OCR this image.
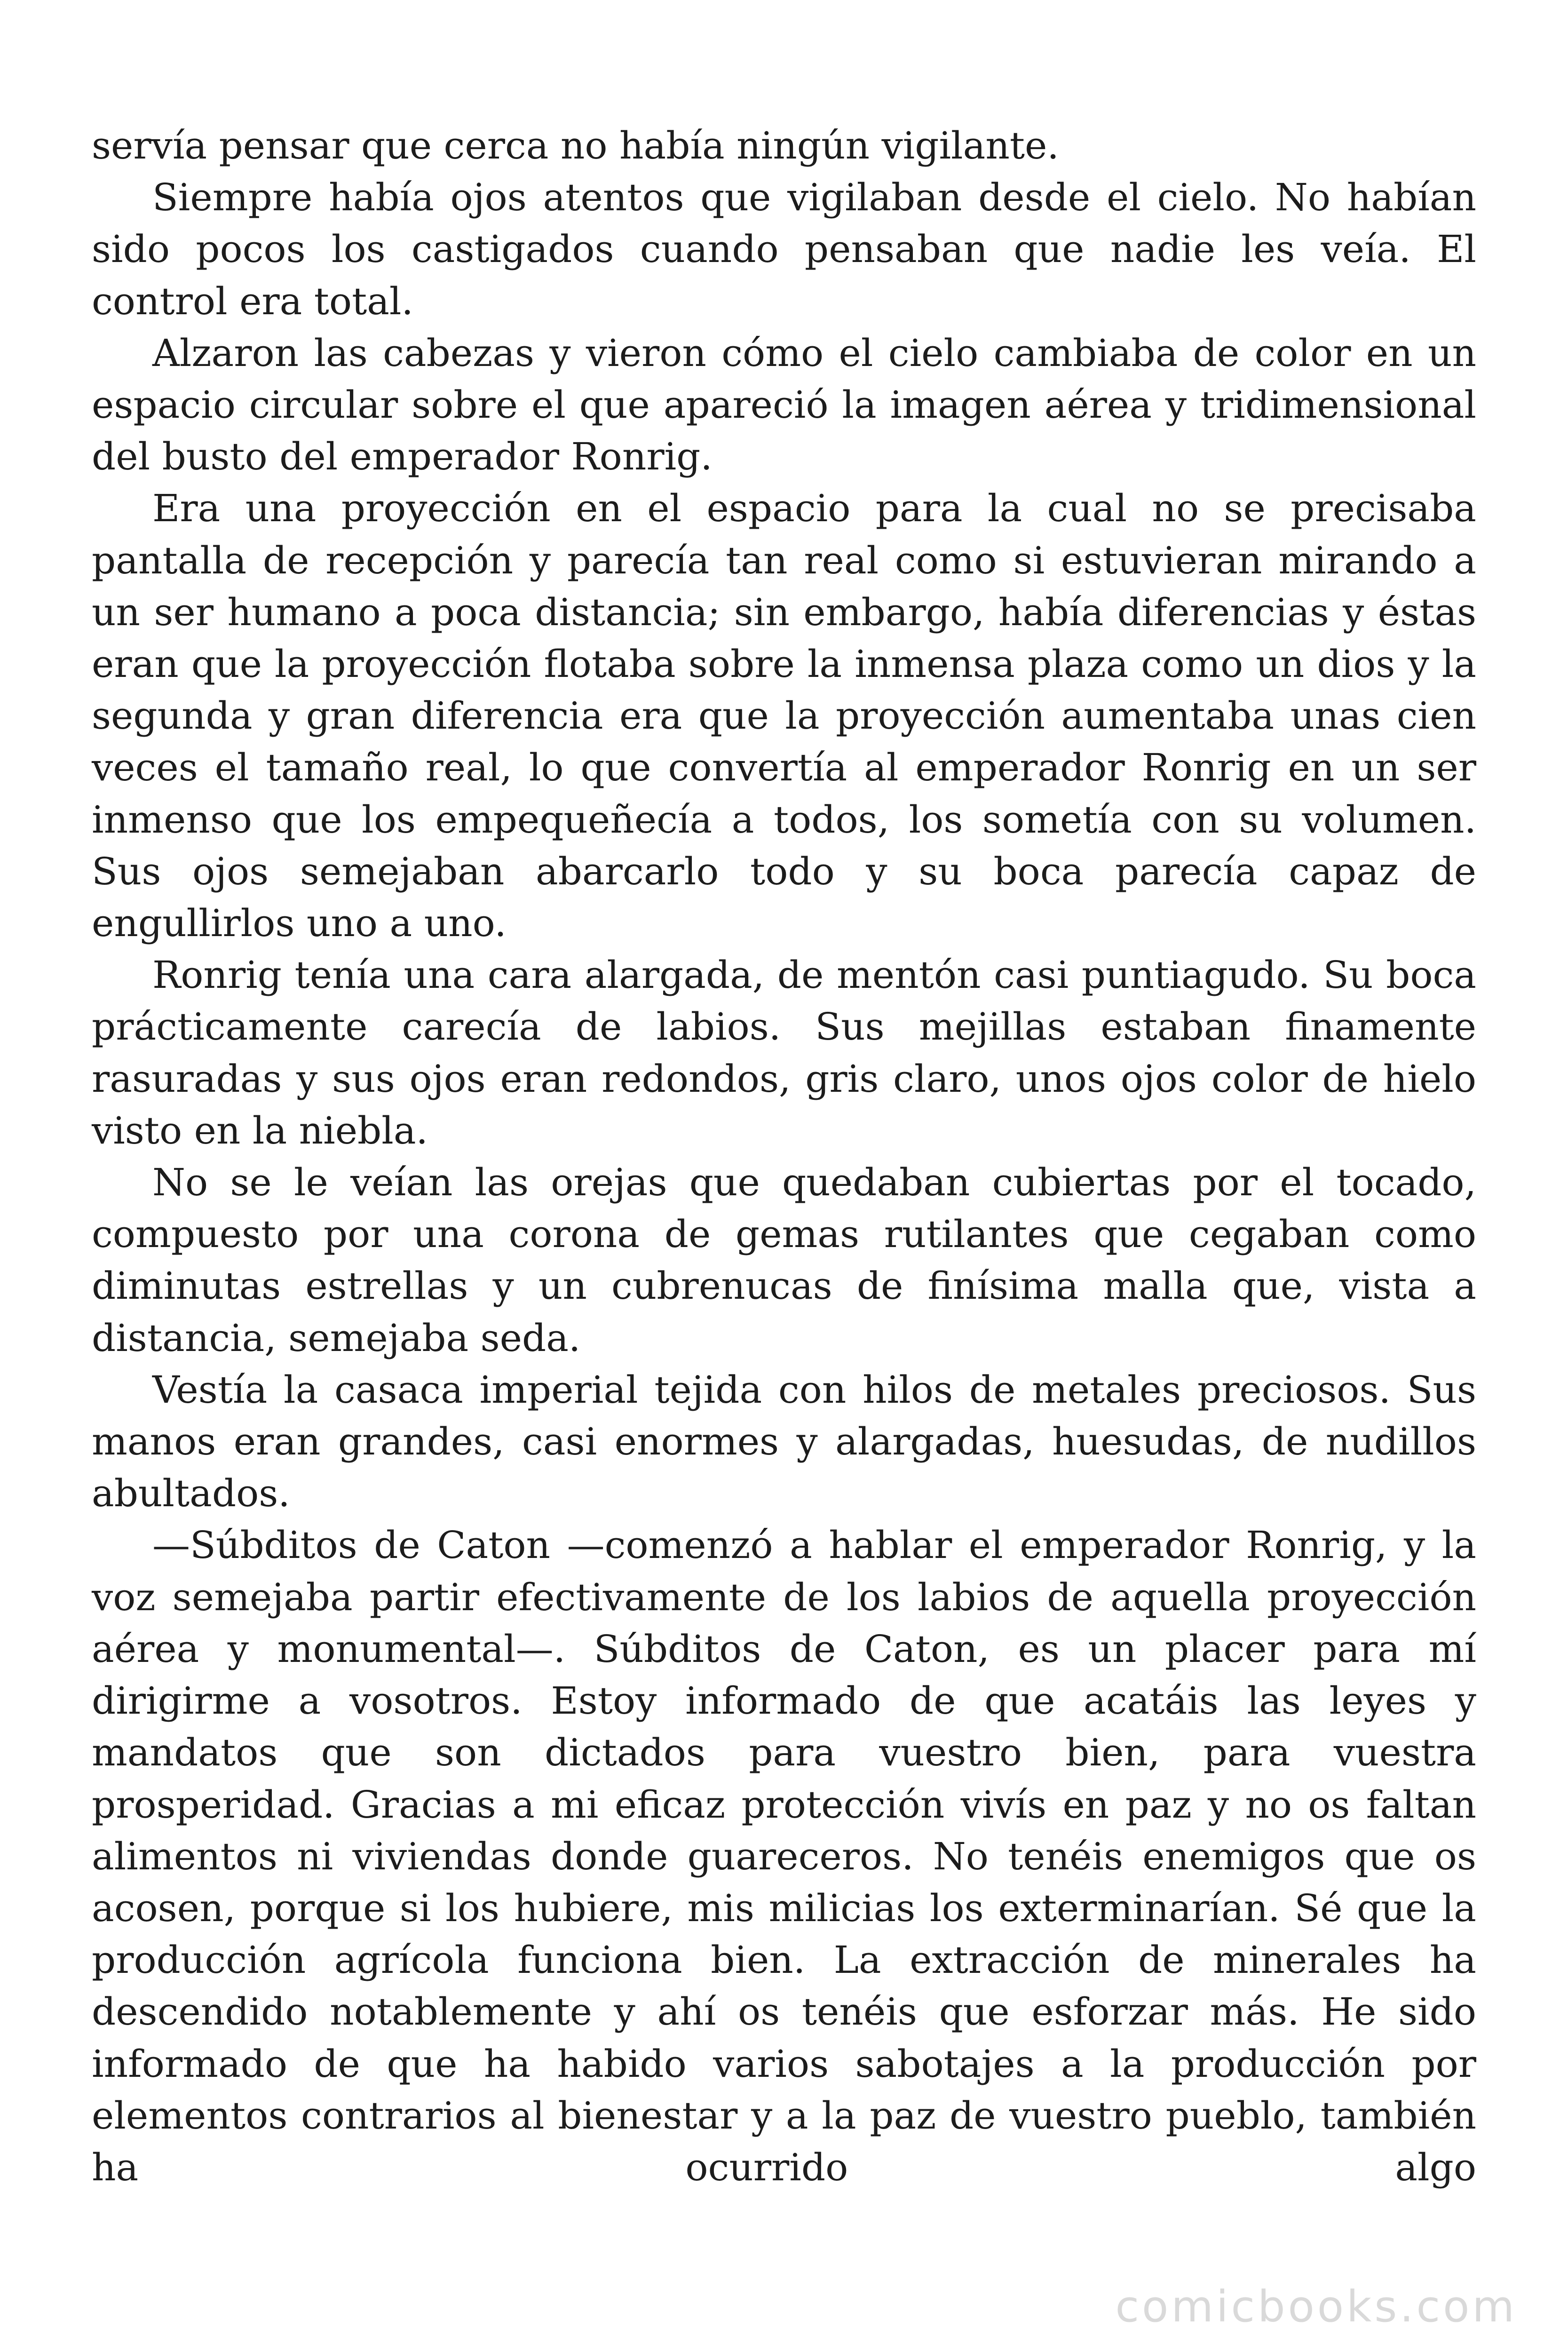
servía pensar que cerca no había ningún vigilante.

Siempre había ojos atentos que vigilaban desde el cielo. No habían sido pocos los castigados cuando pensaban que nadie les veía. El control era total.

Alzaron las cabezas y vieron cómo el cielo cambiaba de color en un espacio circular sobre el que apareció la imagen aérea y tridimensional del busto del emperador Ronrig.

Era una proyección en el espacio para la cual no se precisaba pantalla de recepción y parecía tan real como si estuvieran mirando a un ser humano a poca distancia; sin embargo, había diferencias y éstas eran que la proyección flotaba sobre la inmensa plaza como un dios y la segunda y gran diferencia era que la proyección aumentaba unas cien veces el tamaño real, lo que convertía al emperador Ronrig en un ser inmenso que los empequeñecía a todos, los sometía con su volumen. Sus ojos semejaban abarcarlo todo y su boca parecía capaz de engullirlos uno a uno.

Ronrig tenía una cara alargada, de mentón casi puntiagudo. Su boca prácticamente carecía de labios. Sus mejillas estaban finamente rasuradas y sus ojos eran redondos, gris claro, unos ojos color de hielo visto en la niebla.

No se le veían las orejas que quedaban cubiertas por el tocado, compuesto por una corona de gemas rutilantes que cegaban como diminutas estrellas y un cubrenucas de finísima malla que, vista a distancia, semejaba seda.

Vestía la casaca imperial tejida con hilos de metales preciosos. Sus manos eran grandes, casi enormes y alargadas, huesudas, de nudillos abultados.

—Súbditos de Caton —comenzó a hablar el emperador Ronrig, y la voz semejaba partir efectivamente de los labios de aquella proyección aérea y monumental—. Súbditos de Caton, es un placer para mí dirigirme a vosotros. Estoy informado de que acatáis las leyes y mandatos que son dictados para vuestro bien, para vuestra prosperidad. Gracias a mi eficaz protección vivís en paz y no os faltan alimentos ni viviendas donde guareceros. No tenéis enemigos que os acosen, porque si los hubiere, mis milicias los exterminarían. Sé que la producción agrícola funciona bien. La extracción de minerales ha descendido notablemente y ahí os tenéis que esforzar más. He sido informado de que ha habido varios sabotajes a la producción por elementos contrarios al bienestar y a la paz de vuestro pueblo, también ha ocurrido algo

comicbooks.com
